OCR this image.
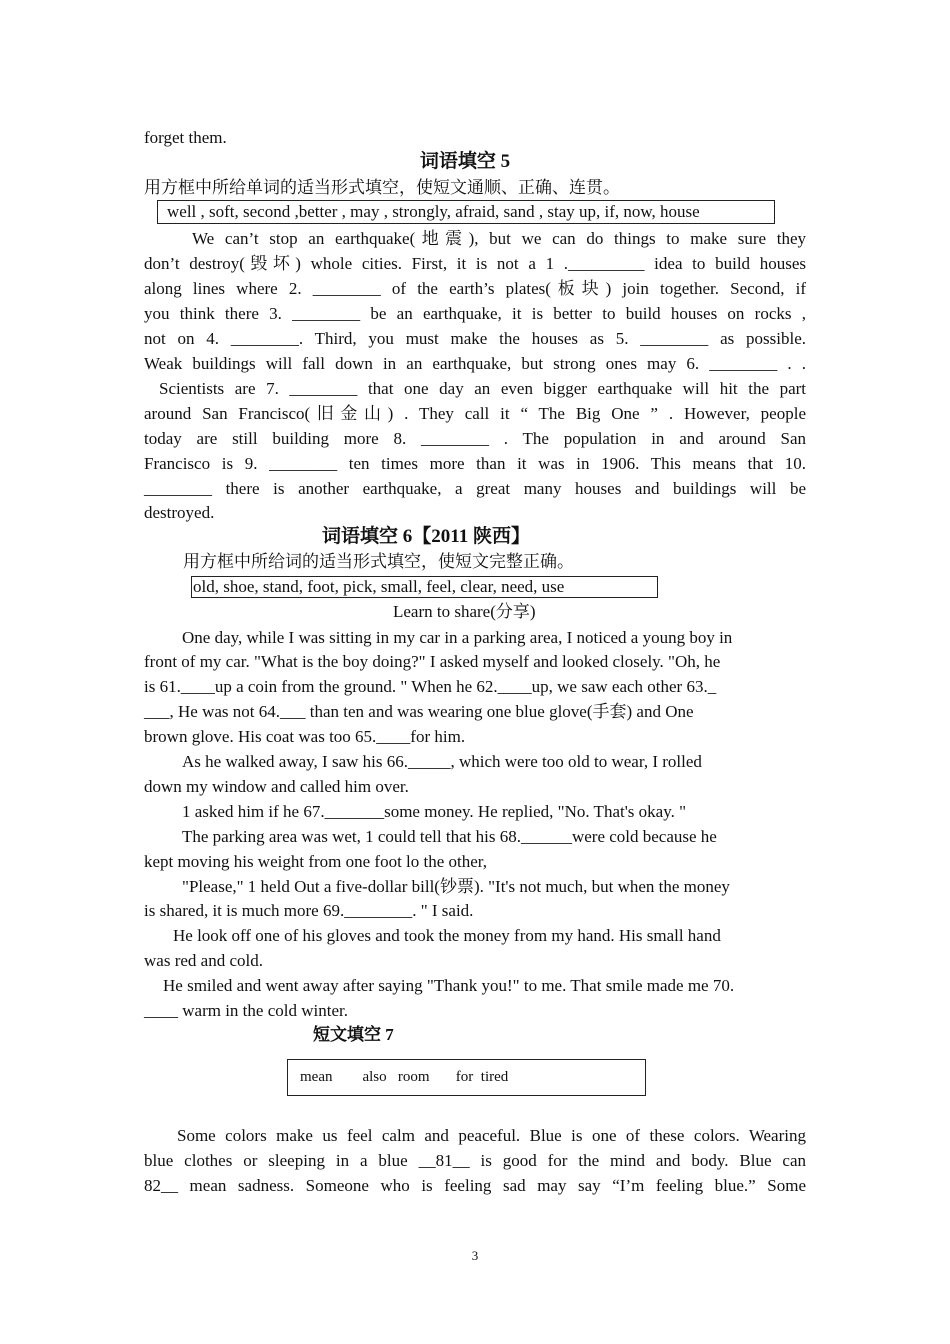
forget them.
词语填空 5
用方框中所给单词的适当形式填空，使短文通顺、正确、连贯。
well , soft, second ,better , may , strongly, afraid, sand , stay up, if, now, house
We can’t stop an earthquake(地震), but we can do things to make sure they
don’t destroy(毁坏) whole cities. First, it is not a 1 ._________ idea to build houses
along lines where 2. ________ of the earth’s plates(板块) join together. Second, if
you think there 3. ________ be an earthquake, it is better to build houses on rocks ,
not on 4. ________. Third, you must make the houses as 5. ________ as possible.
Weak buildings will fall down in an earthquake, but strong ones may 6. ________ . .
Scientists are 7. ________ that one day an even bigger earthquake will hit the part
around San Francisco(旧金山) . They call it “ The Big One ” . However, people
today are still building more 8. ________ . The population in and around San
Francisco is 9. ________ ten times more than it was in 1906. This means that 10.
________ there is another earthquake, a great many houses and buildings will be
destroyed.
词语填空 6【2011 陕西】
用方框中所给词的适当形式填空，使短文完整正确。
old, shoe, stand, foot, pick, small, feel, clear, need, use
Learn to share(分享)
One day, while I was sitting in my car in a parking area, I noticed a young boy in
front of my car. "What is the boy doing?" I asked myself and looked closely. "Oh, he
is 61.____up a coin from the ground. " When he 62.____up, we saw each other 63._
___, He was not 64.___ than ten and was wearing one blue glove(手套) and One
brown glove. His coat was too 65.____for him.
As he walked away, I saw his 66._____, which were too old to wear, I rolled
down my window and called him over.
1 asked him if he 67._______some money. He replied, "No. That's okay. "
The parking area was wet, 1 could tell that his 68.______were cold because he
kept moving his weight from one foot lo the other,
"Please," 1 held Out a five-dollar bill(钞票). "It's not much, but when the money
is shared, it is much more 69.________. " I said.
He look off one of his gloves and took the money from my hand. His small hand
was red and cold.
He smiled and went away after saying "Thank you!" to me. That smile made me 70.
____ warm in the cold winter.
短文填空 7
mean        also   room       for  tired
Some colors make us feel calm and peaceful. Blue is one of these colors. Wearing
blue clothes or sleeping in a blue __81__ is good for the mind and body. Blue can
82__ mean sadness. Someone who is feeling sad may say “I’m feeling blue.” Some
3
